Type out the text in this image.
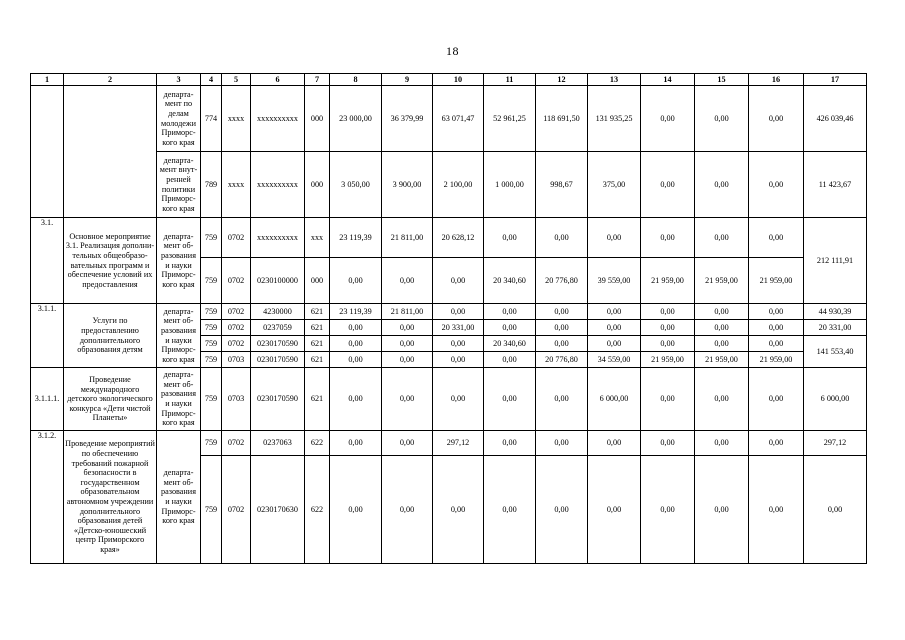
18
1	2	3	4	5	6	7	8	9	10	11	12	13	14	15	16	17
		департа-мент по делам молодежи Приморс-кого края	774	xxxx	xxxxxxxxxx	000	23 000,00	36 379,99	63 071,47	52 961,25	118 691,50	131 935,25	0,00	0,00	0,00	426 039,46
		департа-мент внут-ренней политики Приморс-кого края	789	xxxx	xxxxxxxxxx	000	3 050,00	3 900,00	2 100,00	1 000,00	998,67	375,00	0,00	0,00	0,00	11 423,67
3.1.	Основное мероприятие 3.1. Реализация дополни-тельных общеобразо-вательных программ и обеспечение условий их предоставления	департа-мент об-разования и науки Приморс-кого края	759	0702	xxxxxxxxxx	xxx	23 119,39	21 811,00	20 628,12	0,00	0,00	0,00	0,00	0,00	0,00	212 111,91
			759	0702	0230100000	000	0,00	0,00	0,00	20 340,60	20 776,80	39 559,00	21 959,00	21 959,00	21 959,00	
3.1.1.	Услуги по предоставлению дополнительного образования детям	департа-мент об-разования и науки Приморс-кого края	759	0702	4230000	621	23 119,39	21 811,00	0,00	0,00	0,00	0,00	0,00	0,00	0,00	44 930,39
			759	0702	0237059	621	0,00	0,00	20 331,00	0,00	0,00	0,00	0,00	0,00	0,00	20 331,00
			759	0702	0230170590	621	0,00	0,00	0,00	20 340,60	0,00	0,00	0,00	0,00	0,00	141 553,40
			759	0703	0230170590	621	0,00	0,00	0,00	0,00	20 776,80	34 559,00	21 959,00	21 959,00	21 959,00	
3.1.1.1.	Проведение международного детского экологического конкурса «Дети чистой Планеты»	департа-мент об-разования и науки Приморс-кого края	759	0703	0230170590	621	0,00	0,00	0,00	0,00	0,00	6 000,00	0,00	0,00	0,00	6 000,00
3.1.2.	Проведение мероприятий по обеспечению требований пожарной безопасности в государственном образовательном автономном учреждении дополнительного образования детей «Детско-юношеский центр Приморского края»	департа-мент об-разования и науки Приморс-кого края	759	0702	0237063	622	0,00	0,00	297,12	0,00	0,00	0,00	0,00	0,00	0,00	297,12
			759	0702	0230170630	622	0,00	0,00	0,00	0,00	0,00	0,00	0,00	0,00	0,00	0,00
